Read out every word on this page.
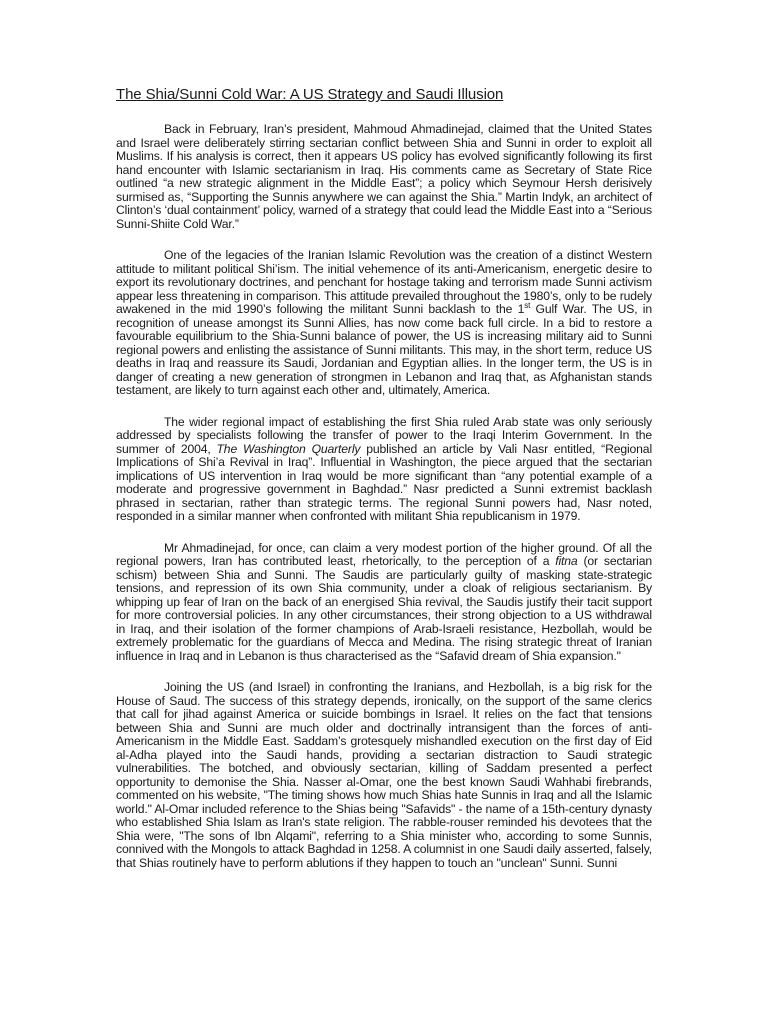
The Shia/Sunni Cold War: A US Strategy and Saudi Illusion

Back in February, Iran’s president, Mahmoud Ahmadinejad, claimed that the United States and Israel were deliberately stirring sectarian conflict between Shia and Sunni in order to exploit all Muslims. If his analysis is correct, then it appears US policy has evolved significantly following its first hand encounter with Islamic sectarianism in Iraq. His comments came as Secretary of State Rice outlined “a new strategic alignment in the Middle East”; a policy which Seymour Hersh derisively surmised as, “Supporting the Sunnis anywhere we can against the Shia.” Martin Indyk, an architect of Clinton’s ‘dual containment’ policy, warned of a strategy that could lead the Middle East into a “Serious Sunni-Shiite Cold War.”

One of the legacies of the Iranian Islamic Revolution was the creation of a distinct Western attitude to militant political Shi’ism. The initial vehemence of its anti-Americanism, energetic desire to export its revolutionary doctrines, and penchant for hostage taking and terrorism made Sunni activism appear less threatening in comparison. This attitude prevailed throughout the 1980’s, only to be rudely awakened in the mid 1990’s following the militant Sunni backlash to the 1st Gulf War. The US, in recognition of unease amongst its Sunni Allies, has now come back full circle. In a bid to restore a favourable equilibrium to the Shia-Sunni balance of power, the US is increasing military aid to Sunni regional powers and enlisting the assistance of Sunni militants. This may, in the short term, reduce US deaths in Iraq and reassure its Saudi, Jordanian and Egyptian allies. In the longer term, the US is in danger of creating a new generation of strongmen in Lebanon and Iraq that, as Afghanistan stands testament, are likely to turn against each other and, ultimately, America.

The wider regional impact of establishing the first Shia ruled Arab state was only seriously addressed by specialists following the transfer of power to the Iraqi Interim Government. In the summer of 2004, The Washington Quarterly published an article by Vali Nasr entitled, “Regional Implications of Shi’a Revival in Iraq”. Influential in Washington, the piece argued that the sectarian implications of US intervention in Iraq would be more significant than “any potential example of a moderate and progressive government in Baghdad.” Nasr predicted a Sunni extremist backlash phrased in sectarian, rather than strategic terms. The regional Sunni powers had, Nasr noted, responded in a similar manner when confronted with militant Shia republicanism in 1979.

Mr Ahmadinejad, for once, can claim a very modest portion of the higher ground. Of all the regional powers, Iran has contributed least, rhetorically, to the perception of a fitna (or sectarian schism) between Shia and Sunni. The Saudis are particularly guilty of masking state-strategic tensions, and repression of its own Shia community, under a cloak of religious sectarianism. By whipping up fear of Iran on the back of an energised Shia revival, the Saudis justify their tacit support for more controversial policies. In any other circumstances, their strong objection to a US withdrawal in Iraq, and their isolation of the former champions of Arab-Israeli resistance, Hezbollah, would be extremely problematic for the guardians of Mecca and Medina. The rising strategic threat of Iranian influence in Iraq and in Lebanon is thus characterised as the “Safavid dream of Shia expansion."

Joining the US (and Israel) in confronting the Iranians, and Hezbollah, is a big risk for the House of Saud. The success of this strategy depends, ironically, on the support of the same clerics that call for jihad against America or suicide bombings in Israel. It relies on the fact that tensions between Shia and Sunni are much older and doctrinally intransigent than the forces of anti-Americanism in the Middle East. Saddam’s grotesquely mishandled execution on the first day of Eid al-Adha played into the Saudi hands, providing a sectarian distraction to Saudi strategic vulnerabilities. The botched, and obviously sectarian, killing of Saddam presented a perfect opportunity to demonise the Shia. Nasser al-Omar, one the best known Saudi Wahhabi firebrands, commented on his website, "The timing shows how much Shias hate Sunnis in Iraq and all the Islamic world." Al-Omar included reference to the Shias being "Safavids" - the name of a 15th-century dynasty who established Shia Islam as Iran's state religion. The rabble-rouser reminded his devotees that the Shia were, "The sons of Ibn Alqami", referring to a Shia minister who, according to some Sunnis, connived with the Mongols to attack Baghdad in 1258. A columnist in one Saudi daily asserted, falsely, that Shias routinely have to perform ablutions if they happen to touch an "unclean" Sunni. Sunni
